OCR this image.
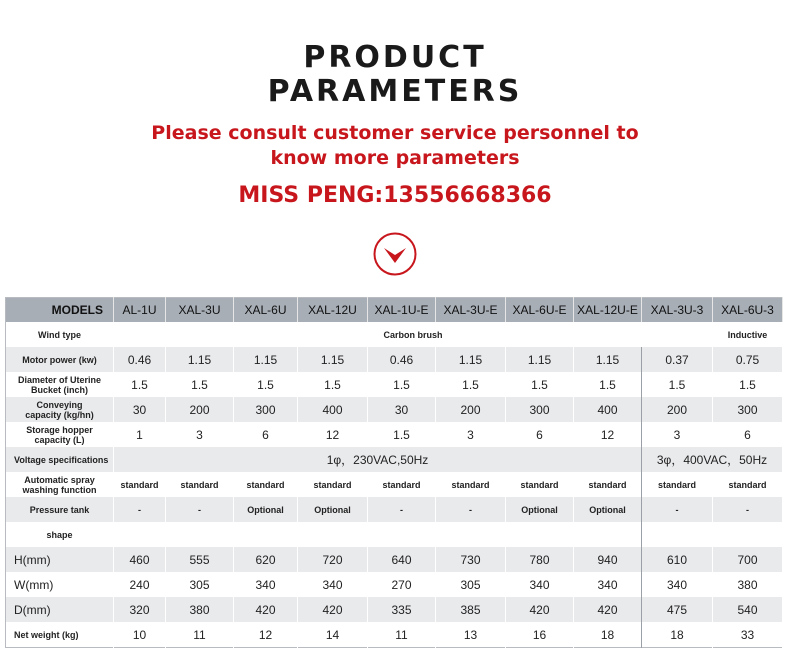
PRODUCT
PARAMETERS
Please consult customer service personnel to
know more parameters
MISS PENG:13556668366
MODELS	AL-1U	XAL-3U	XAL-6U	XAL-12U	XAL-1U-E	XAL-3U-E	XAL-6U-E	XAL-12U-E	XAL-3U-3	XAL-6U-3
Wind type	Carbon brush									Inductive
Motor power (kw)	0.46	1.15	1.15	1.15	0.46	1.15	1.15	1.15	0.37	0.75
Diameter of Uterine
Bucket (inch)	1.5	1.5	1.5	1.5	1.5	1.5	1.5	1.5	1.5	1.5
Conveying
capacity (kg/hn)	30	200	300	400	30	200	300	400	200	300
Storage hopper
capacity (L)	1	3	6	12	1.5	3	6	12	3	6
Voltage specifications	1φ，230VAC,50Hz								3φ，400VAC，50Hz	
Automatic spray
washing function	standard	standard	standard	standard	standard	standard	standard	standard	standard	standard
Pressure tank	-	-	Optional	Optional	-	-	Optional	Optional	-	-
shape										
H(mm)	460	555	620	720	640	730	780	940	610	700
W(mm)	240	305	340	340	270	305	340	340	340	380
D(mm)	320	380	420	420	335	385	420	420	475	540
Net weight (kg)	10	11	12	14	11	13	16	18	18	33
